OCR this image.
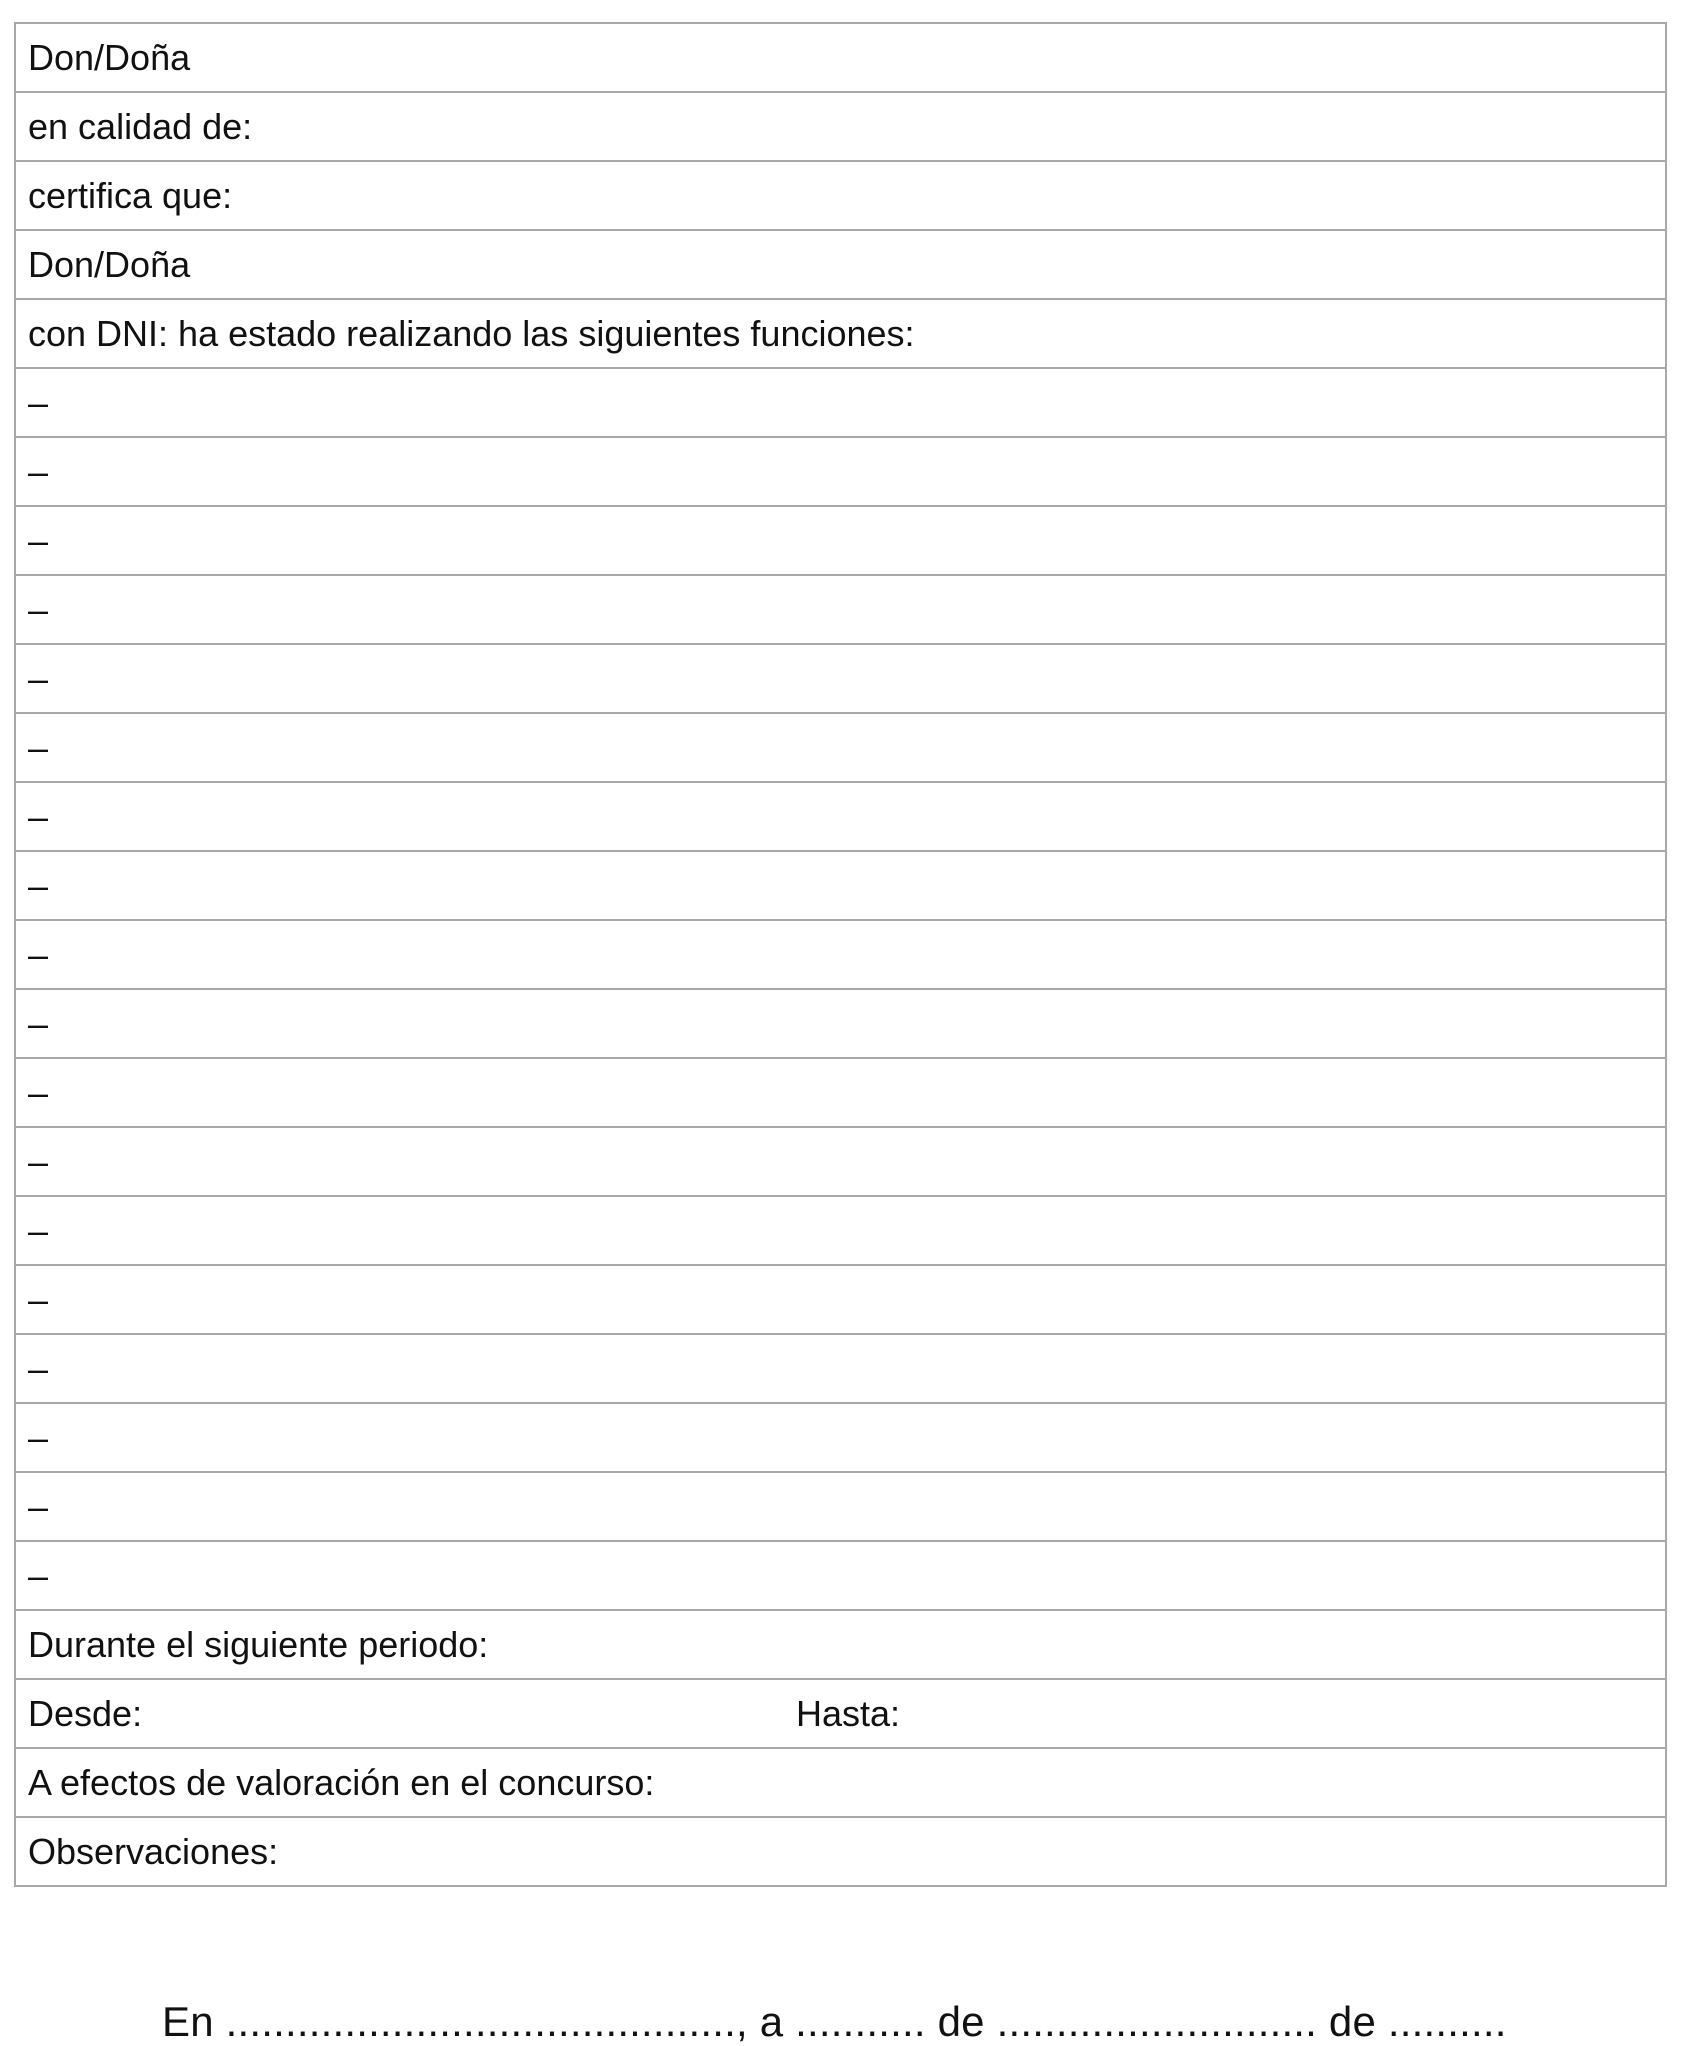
Don/Doña
en calidad de:
certifica que:
Don/Doña
con DNI: ha estado realizando las siguientes funciones:
–
–
–
–
–
–
–
–
–
–
–
–
–
–
–
–
–
–
Durante el siguiente periodo:

Desde:	Hasta:

A efectos de valoración en el concurso:
Observaciones:
En ..........................................., a ........... de ........................... de ..........
